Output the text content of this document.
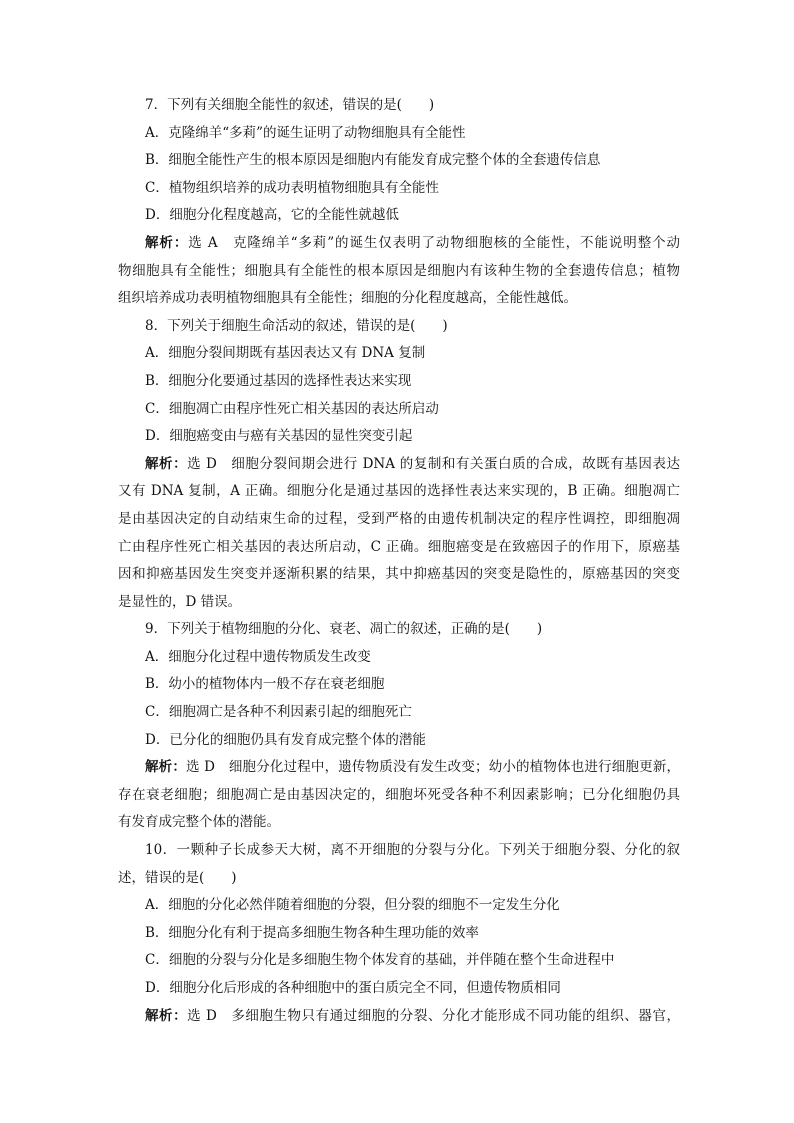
7．下列有关细胞全能性的叙述，错误的是(　　)
A．克隆绵羊“多莉”的诞生证明了动物细胞具有全能性
B．细胞全能性产生的根本原因是细胞内有能发育成完整个体的全套遗传信息
C．植物组织培养的成功表明植物细胞具有全能性
D．细胞分化程度越高，它的全能性就越低
解析：选 A　克隆绵羊“多莉”的诞生仅表明了动物细胞核的全能性，不能说明整个动
物细胞具有全能性；细胞具有全能性的根本原因是细胞内有该种生物的全套遗传信息；植物
组织培养成功表明植物细胞具有全能性；细胞的分化程度越高，全能性越低。
8．下列关于细胞生命活动的叙述，错误的是(　　)
A．细胞分裂间期既有基因表达又有 DNA 复制
B．细胞分化要通过基因的选择性表达来实现
C．细胞凋亡由程序性死亡相关基因的表达所启动
D．细胞癌变由与癌有关基因的显性突变引起
解析：选 D　细胞分裂间期会进行 DNA 的复制和有关蛋白质的合成，故既有基因表达
又有 DNA 复制，A 正确。细胞分化是通过基因的选择性表达来实现的，B 正确。细胞凋亡
是由基因决定的自动结束生命的过程，受到严格的由遗传机制决定的程序性调控，即细胞凋
亡由程序性死亡相关基因的表达所启动，C 正确。细胞癌变是在致癌因子的作用下，原癌基
因和抑癌基因发生突变并逐渐积累的结果，其中抑癌基因的突变是隐性的，原癌基因的突变
是显性的，D 错误。
9．下列关于植物细胞的分化、衰老、凋亡的叙述，正确的是(　　)
A．细胞分化过程中遗传物质发生改变
B．幼小的植物体内一般不存在衰老细胞
C．细胞凋亡是各种不利因素引起的细胞死亡
D．已分化的细胞仍具有发育成完整个体的潜能
解析：选 D　细胞分化过程中，遗传物质没有发生改变；幼小的植物体也进行细胞更新，
存在衰老细胞；细胞凋亡是由基因决定的，细胞坏死受各种不利因素影响；已分化细胞仍具
有发育成完整个体的潜能。
10．一颗种子长成参天大树，离不开细胞的分裂与分化。下列关于细胞分裂、分化的叙
述，错误的是(　　)
A．细胞的分化必然伴随着细胞的分裂，但分裂的细胞不一定发生分化
B．细胞分化有利于提高多细胞生物各种生理功能的效率
C．细胞的分裂与分化是多细胞生物个体发育的基础，并伴随在整个生命进程中
D．细胞分化后形成的各种细胞中的蛋白质完全不同，但遗传物质相同
解析：选 D　多细胞生物只有通过细胞的分裂、分化才能形成不同功能的组织、器官，
